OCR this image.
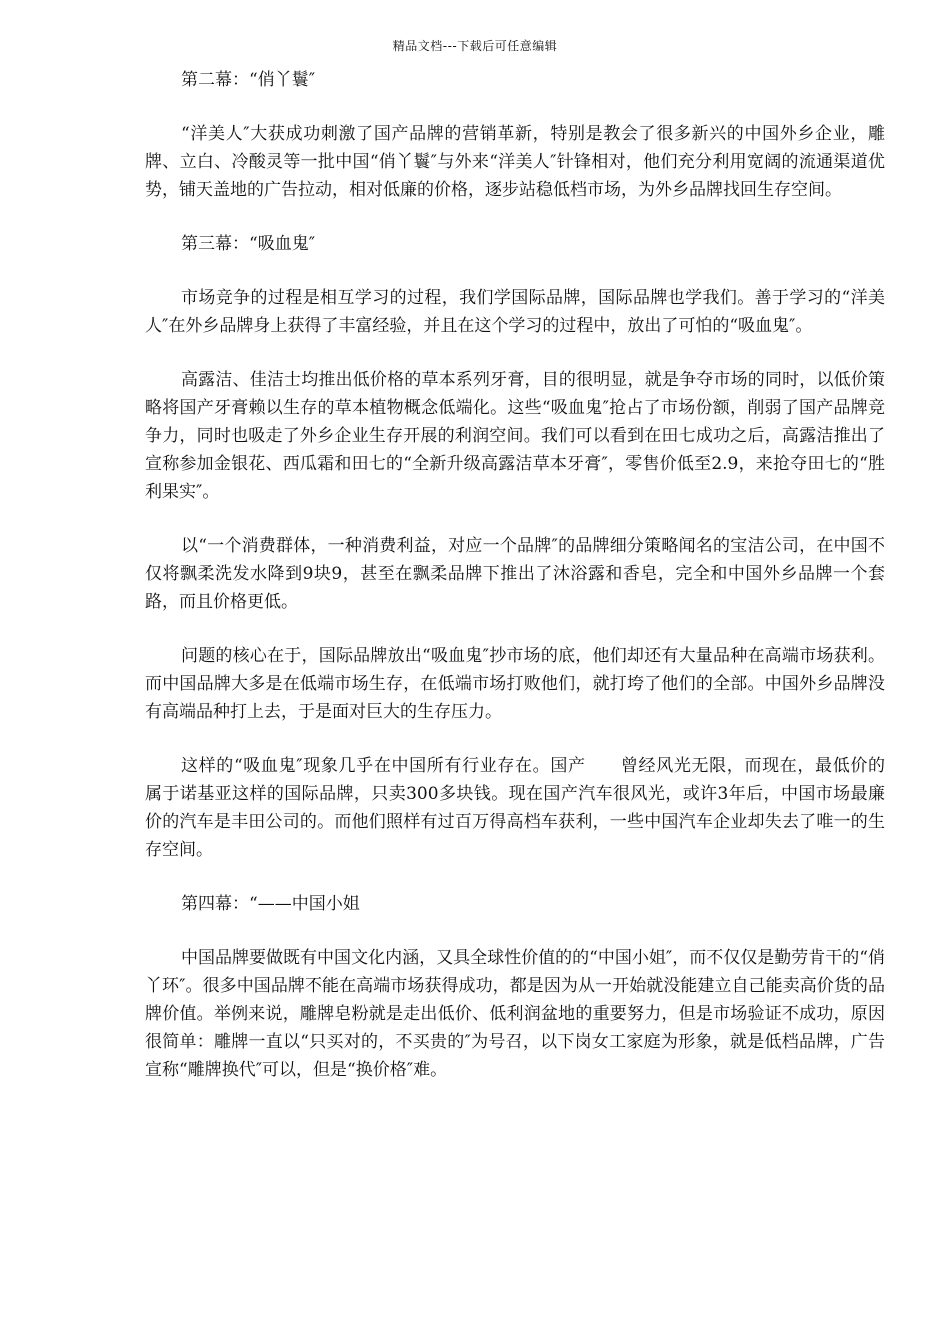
精品文档---下载后可任意编辑

第二幕：“俏丫鬟″

“洋美人″大获成功刺激了国产品牌的营销革新，特别是教会了很多新兴的中国外乡企业，雕牌、立白、冷酸灵等一批中国“俏丫鬟″与外来“洋美人″针锋相对，他们充分利用宽阔的流通渠道优势，铺天盖地的广告拉动，相对低廉的价格，逐步站稳低档市场，为外乡品牌找回生存空间。

第三幕：“吸血鬼″

市场竞争的过程是相互学习的过程，我们学国际品牌，国际品牌也学我们。善于学习的“洋美人″在外乡品牌身上获得了丰富经验，并且在这个学习的过程中，放出了可怕的“吸血鬼″。

高露洁、佳洁士均推出低价格的草本系列牙膏，目的很明显，就是争夺市场的同时，以低价策略将国产牙膏赖以生存的草本植物概念低端化。这些“吸血鬼″抢占了市场份额，削弱了国产品牌竞争力，同时也吸走了外乡企业生存开展的利润空间。我们可以看到在田七成功之后，高露洁推出了宣称参加金银花、西瓜霜和田七的“全新升级高露洁草本牙膏″，零售价低至2.9，来抢夺田七的“胜利果实″。

以“一个消费群体，一种消费利益，对应一个品牌″的品牌细分策略闻名的宝洁公司，在中国不仅将飘柔洗发水降到9块9，甚至在飘柔品牌下推出了沐浴露和香皂，完全和中国外乡品牌一个套路，而且价格更低。

问题的核心在于，国际品牌放出“吸血鬼″抄市场的底，他们却还有大量品种在高端市场获利。而中国品牌大多是在低端市场生存，在低端市场打败他们，就打垮了他们的全部。中国外乡品牌没有高端品种打上去，于是面对巨大的生存压力。

这样的“吸血鬼″现象几乎在中国所有行业存在。国产　　曾经风光无限，而现在，最低价的　　属于诺基亚这样的国际品牌，只卖300多块钱。现在国产汽车很风光，或许3年后，中国市场最廉价的汽车是丰田公司的。而他们照样有过百万得高档车获利，一些中国汽车企业却失去了唯一的生存空间。

第四幕：“——中国小姐

中国品牌要做既有中国文化内涵，又具全球性价值的的“中国小姐″，而不仅仅是勤劳肯干的“俏丫环″。很多中国品牌不能在高端市场获得成功，都是因为从一开始就没能建立自己能卖高价货的品牌价值。举例来说，雕牌皂粉就是走出低价、低利润盆地的重要努力，但是市场验证不成功，原因很简单：雕牌一直以“只买对的，不买贵的″为号召，以下岗女工家庭为形象，就是低档品牌，广告宣称“雕牌换代″可以，但是“换价格″难。
